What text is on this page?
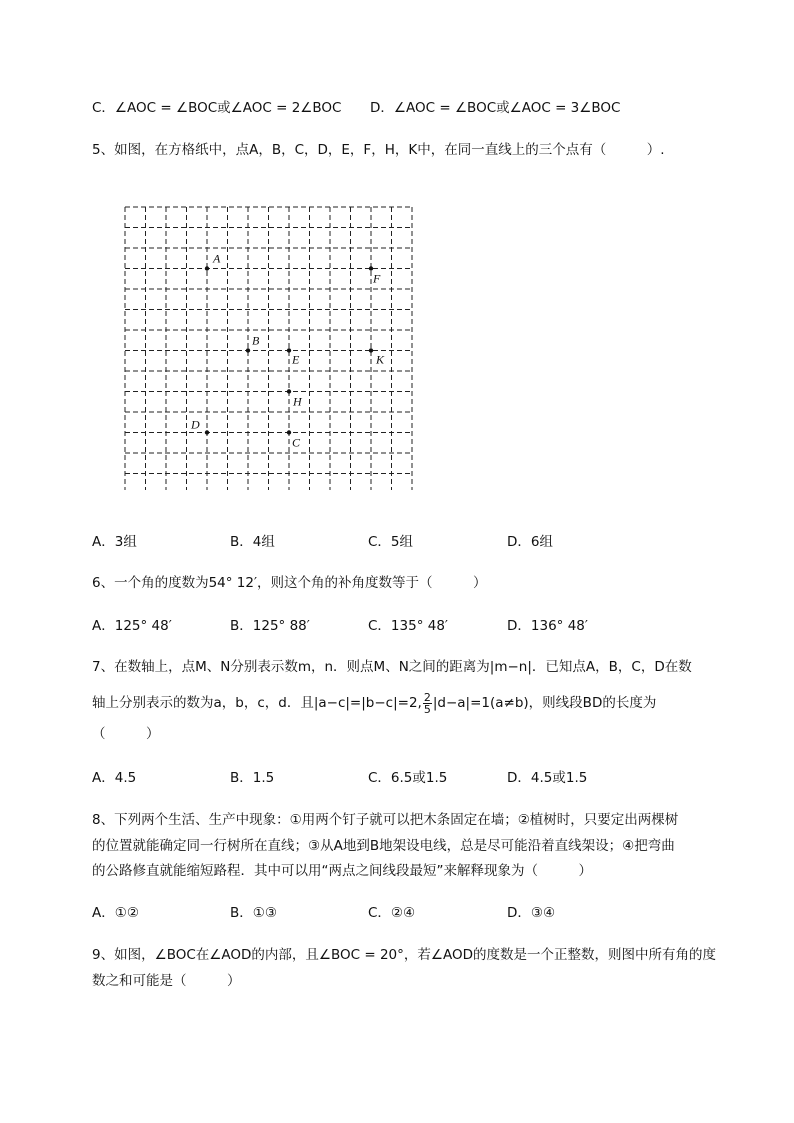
C．∠AOC = ∠BOC或∠AOC = 2∠BOC D．∠AOC = ∠BOC或∠AOC = 3∠BOC
5、如图，在方格纸中，点A，B，C，D，E，F，H，K中，在同一直线上的三个点有（　　　）.
A
F
B
E	K
H
D
C
A．3组	B．4组	C．5组	D．6组
6、一个角的度数为54° 12′，则这个角的补角度数等于（　　　）
A．125° 48′	B．125° 88′	C．135° 48′	D．136° 48′
7、在数轴上，点M、N分别表示数m，n．则点M、N之间的距离为|m−n|．已知点A，B，C，D在数
轴上分别表示的数为a，b，c，d．且|a−c|=|b−c|=2, $\frac{2}{5} |d-a|=1(a\ne b)$，则线段BD的长度为
（　　　）
A．4.5	B．1.5	C．6.5或1.5	D．4.5或1.5
8、下列两个生活、生产中现象：①用两个钉子就可以把木条固定在墙；②植树时，只要定出两棵树
的位置就能确定同一行树所在直线；③从A地到B地架设电线，总是尽可能沿着直线架设；④把弯曲
的公路修直就能缩短路程．其中可以用“两点之间线段最短”来解释现象为（　　　）
A．①②	B．①③	C．②④	D．③④
9、如图，∠BOC在∠AOD的内部，且∠BOC = 20°，若∠AOD的度数是一个正整数，则图中所有角的度
数之和可能是（　　　）
